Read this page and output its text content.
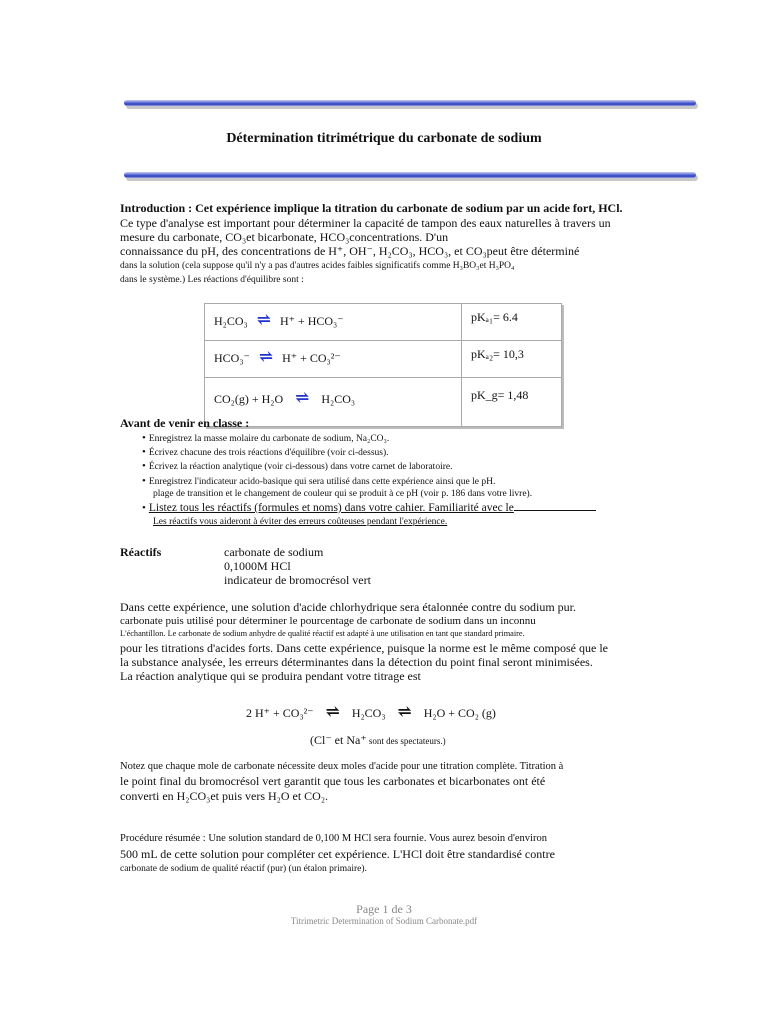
Détermination titrimétrique du carbonate de sodium
Introduction : Cet expérience implique la titration du carbonate de sodium par un acide fort, HCl.
Ce type d'analyse est important pour déterminer la capacité de tampon des eaux naturelles à travers un
mesure du carbonate, CO₃et bicarbonate, HCO₃concentrations. D'un
connaissance du pH, des concentrations de H⁺, OH⁻, H₂CO₃, HCO₃, et CO₃peut être déterminé
dans la solution (cela suppose qu'il n'y a pas d'autres acides faibles significatifs comme H₃BO₃et H₃PO₄
dans le système.) Les réactions d'équilibre sont :
H₂CO₃ ⇌ H⁺ + HCO₃⁻	pKₐ₁= 6.4
HCO₃⁻ ⇌ H⁺ + CO₃²⁻	pKₐ₂= 10,3
CO₂(g) + H₂O ⇌ H₂CO₃	pK_g= 1,48
Avant de venir en classe :
• Enregistrez la masse molaire du carbonate de sodium, Na₂CO₃.
• Écrivez chacune des trois réactions d'équilibre (voir ci-dessus).
• Écrivez la réaction analytique (voir ci-dessous) dans votre carnet de laboratoire.
• Enregistrez l'indicateur acido-basique qui sera utilisé dans cette expérience ainsi que le pH.
plage de transition et le changement de couleur qui se produit à ce pH (voir p. 186 dans votre livre).
• Listez tous les réactifs (formules et noms) dans votre cahier. Familiarité avec le
Les réactifs vous aideront à éviter des erreurs coûteuses pendant l'expérience.
Réactifs	carbonate de sodium
0,1000M HCl
indicateur de bromocrésol vert
Dans cette expérience, une solution d'acide chlorhydrique sera étalonnée contre du sodium pur.
carbonate puis utilisé pour déterminer le pourcentage de carbonate de sodium dans un inconnu
L'échantillon. Le carbonate de sodium anhydre de qualité réactif est adapté à une utilisation en tant que standard primaire.
pour les titrations d'acides forts. Dans cette expérience, puisque la norme est le même composé que le
la substance analysée, les erreurs déterminantes dans la détection du point final seront minimisées.
La réaction analytique qui se produira pendant votre titrage est
2 H⁺ + CO₃²⁻ ⇌ H₂CO₃ ⇌ H₂O + CO₂ (g)
(Cl⁻ et Na⁺ sont des spectateurs.)
Notez que chaque mole de carbonate nécessite deux moles d'acide pour une titration complète. Titration à
le point final du bromocrésol vert garantit que tous les carbonates et bicarbonates ont été
converti en H₂CO₃et puis vers H₂O et CO₂.
Procédure résumée : Une solution standard de 0,100 M HCl sera fournie. Vous aurez besoin d'environ
500 mL de cette solution pour compléter cet expérience. L'HCl doit être standardisé contre
carbonate de sodium de qualité réactif (pur) (un étalon primaire).
Page 1 de 3
Titrimetric Determination of Sodium Carbonate.pdf
